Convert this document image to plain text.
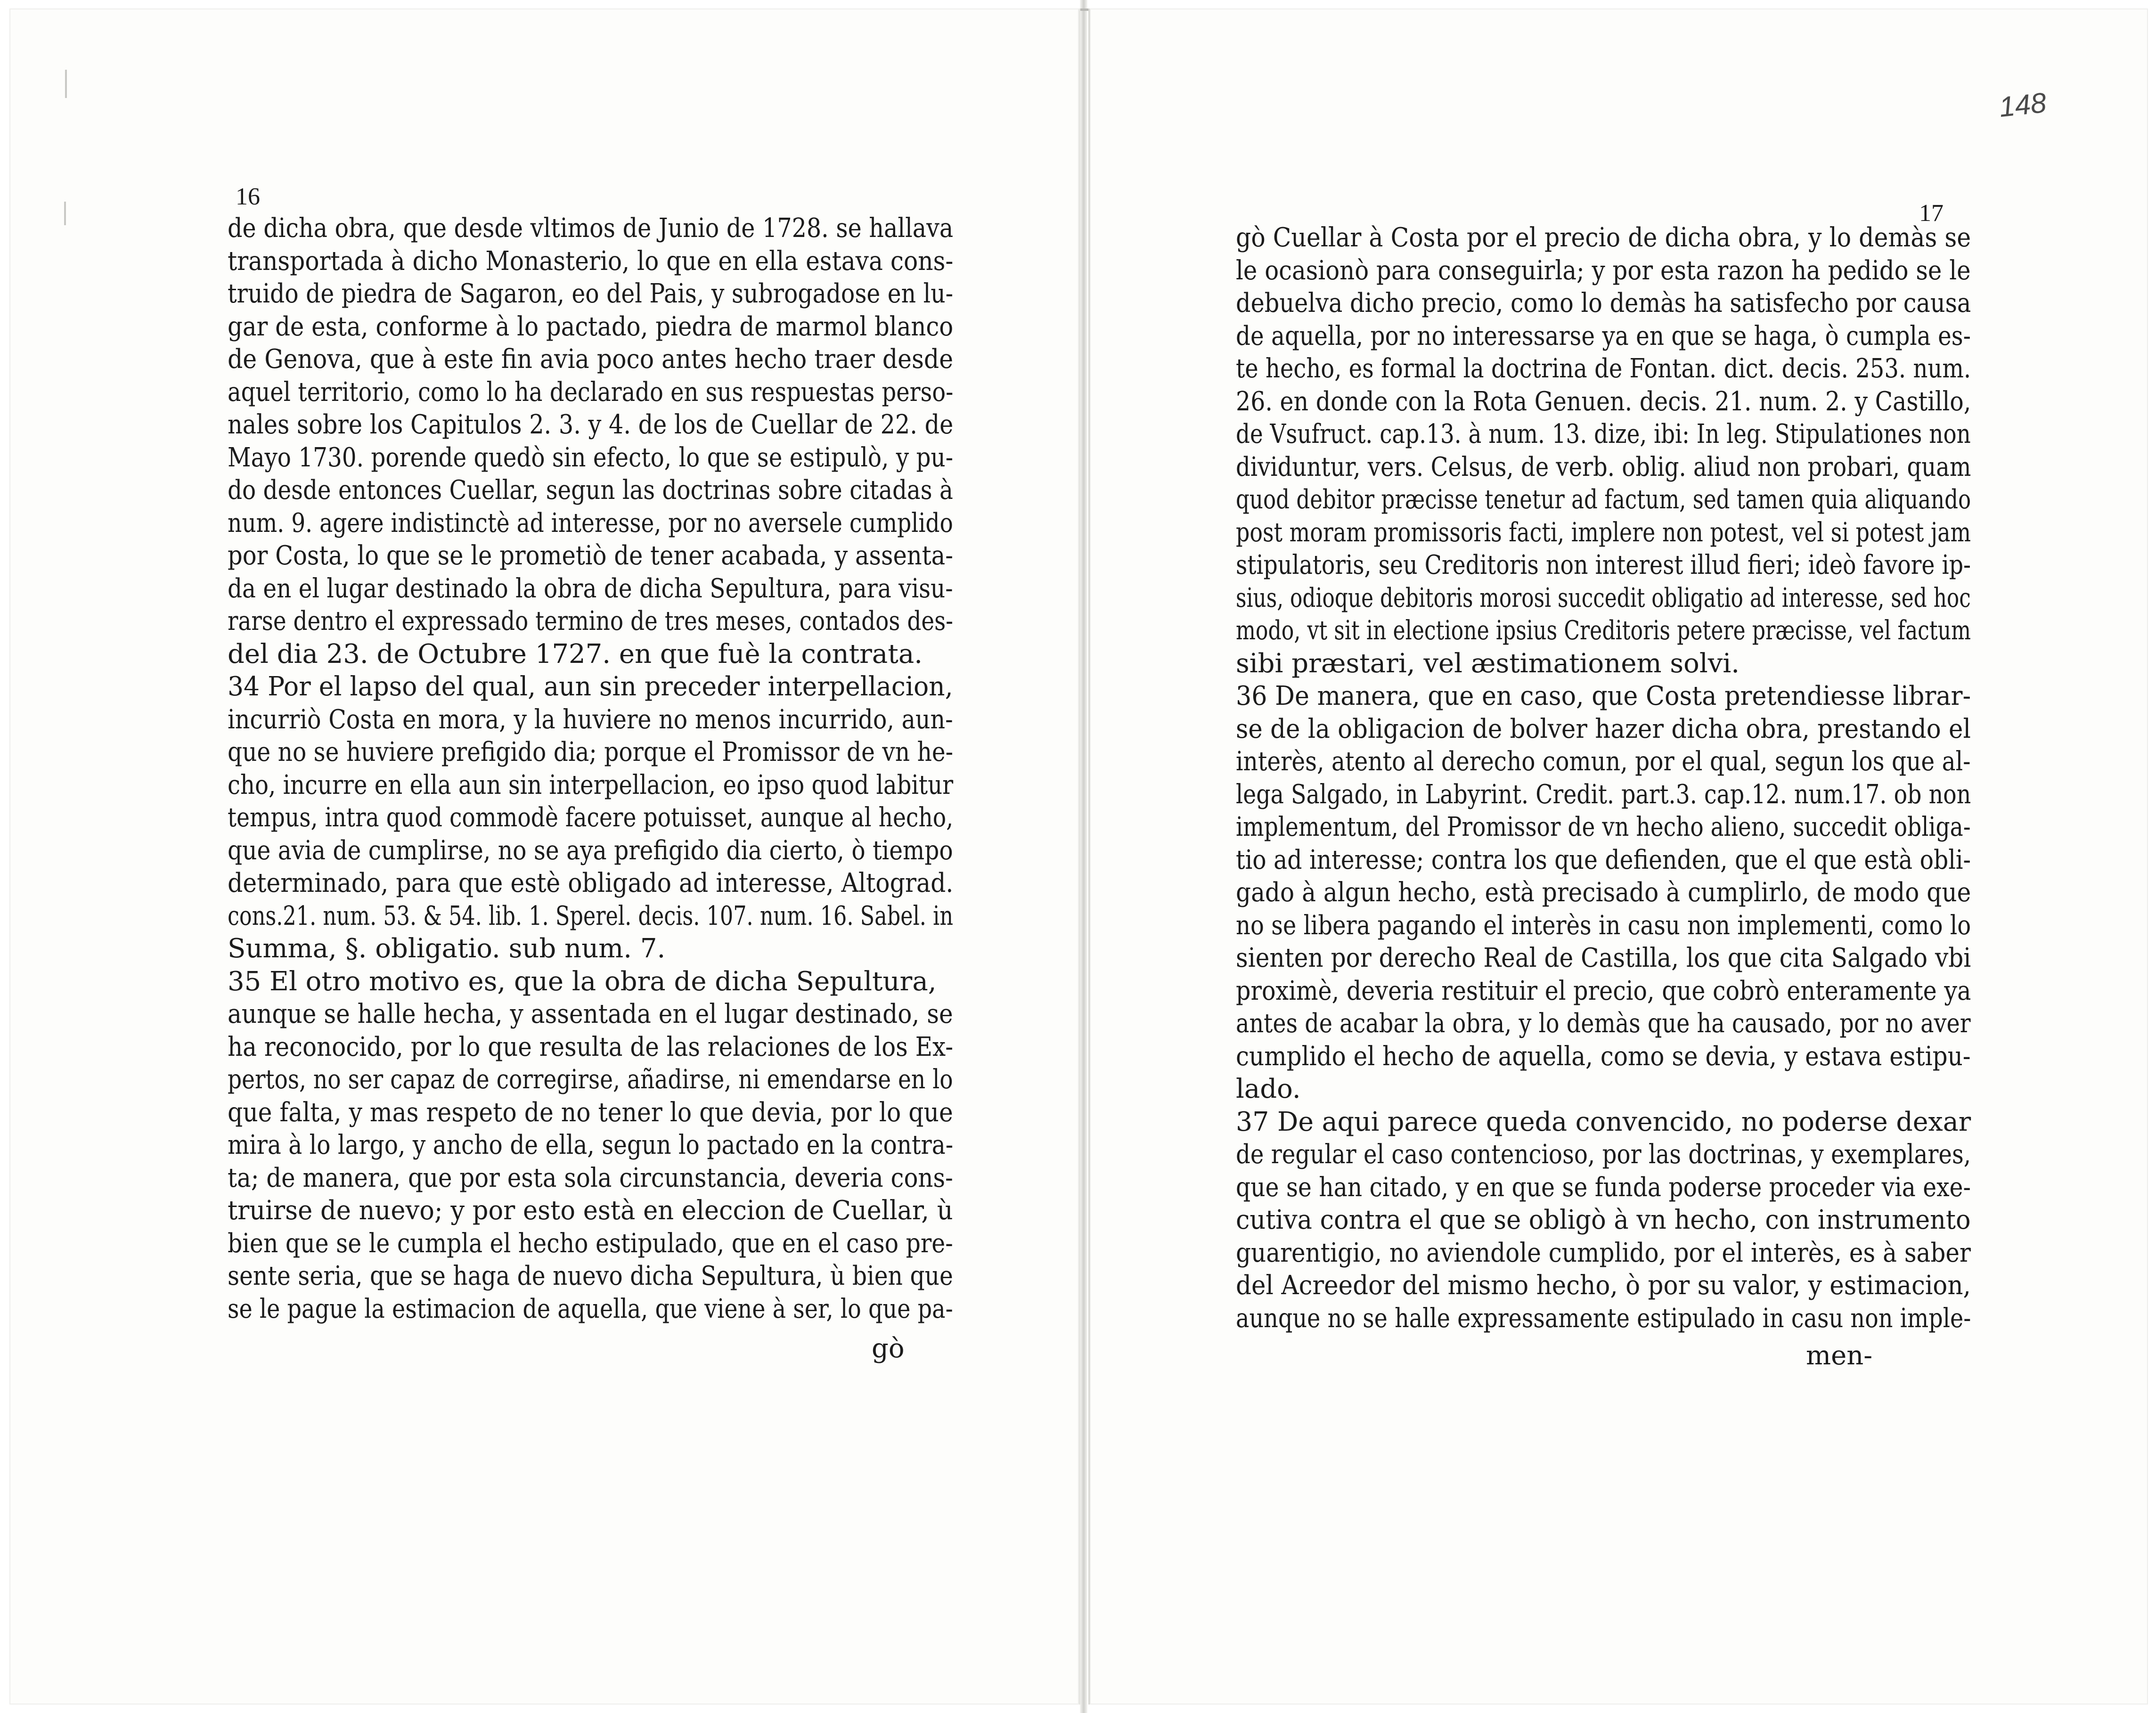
16
de dicha obra, que desde vltimos de Junio de 1728. se hallava
transportada à dicho Monasterio, lo que en ella estava cons-
truido de piedra de Sagaron, eo del Pais, y subrogadose en lu-
gar de esta, conforme à lo pactado, piedra de marmol blanco
de Genova, que à este fin avia poco antes hecho traer desde
aquel territorio, como lo ha declarado en sus respuestas perso-
nales sobre los Capitulos 2. 3. y 4. de los de Cuellar de 22. de
Mayo 1730. porende quedò sin efecto, lo que se estipulò, y pu-
do desde entonces Cuellar, segun las doctrinas sobre citadas à
num. 9. agere indistinctè ad interesse, por no aversele cumplido
por Costa, lo que se le prometiò de tener acabada, y assenta-
da en el lugar destinado la obra de dicha Sepultura, para visu-
rarse dentro el expressado termino de tres meses, contados des-
del dia 23. de Octubre 1727. en que fuè la contrata.
34 Por el lapso del qual, aun sin preceder interpellacion,
incurriò Costa en mora, y la huviere no menos incurrido, aun-
que no se huviere prefigido dia; porque el Promissor de vn he-
cho, incurre en ella aun sin interpellacion, eo ipso quod labitur
tempus, intra quod commodè facere potuisset, aunque al hecho,
que avia de cumplirse, no se aya prefigido dia cierto, ò tiempo
determinado, para que estè obligado ad interesse, Altograd.
cons.21. num. 53. & 54. lib. 1. Sperel. decis. 107. num. 16. Sabel. in
Summa, §. obligatio. sub num. 7.
35 El otro motivo es, que la obra de dicha Sepultura,
aunque se halle hecha, y assentada en el lugar destinado, se
ha reconocido, por lo que resulta de las relaciones de los Ex-
pertos, no ser capaz de corregirse, añadirse, ni emendarse en lo
que falta, y mas respeto de no tener lo que devia, por lo que
mira à lo largo, y ancho de ella, segun lo pactado en la contra-
ta; de manera, que por esta sola circunstancia, deveria cons-
truirse de nuevo; y por esto està en eleccion de Cuellar, ù
bien que se le cumpla el hecho estipulado, que en el caso pre-
sente seria, que se haga de nuevo dicha Sepultura, ù bien que
se le pague la estimacion de aquella, que viene à ser, lo que pa-
gò
148
17
gò Cuellar à Costa por el precio de dicha obra, y lo demàs se
le ocasionò para conseguirla; y por esta razon ha pedido se le
debuelva dicho precio, como lo demàs ha satisfecho por causa
de aquella, por no interessarse ya en que se haga, ò cumpla es-
te hecho, es formal la doctrina de Fontan. dict. decis. 253. num.
26. en donde con la Rota Genuen. decis. 21. num. 2. y Castillo,
de Vsufruct. cap.13. à num. 13. dize, ibi: In leg. Stipulationes non
dividuntur, vers. Celsus, de verb. oblig. aliud non probari, quam
quod debitor præcisse tenetur ad factum, sed tamen quia aliquando
post moram promissoris facti, implere non potest, vel si potest jam
stipulatoris, seu Creditoris non interest illud fieri; ideò favore ip-
sius, odioque debitoris morosi succedit obligatio ad interesse, sed hoc
modo, vt sit in electione ipsius Creditoris petere præcisse, vel factum
sibi præstari, vel æstimationem solvi.
36 De manera, que en caso, que Costa pretendiesse librar-
se de la obligacion de bolver hazer dicha obra, prestando el
interès, atento al derecho comun, por el qual, segun los que al-
lega Salgado, in Labyrint. Credit. part.3. cap.12. num.17. ob non
implementum, del Promissor de vn hecho alieno, succedit obliga-
tio ad interesse; contra los que defienden, que el que està obli-
gado à algun hecho, està precisado à cumplirlo, de modo que
no se libera pagando el interès in casu non implementi, como lo
sienten por derecho Real de Castilla, los que cita Salgado vbi
proximè, deveria restituir el precio, que cobrò enteramente ya
antes de acabar la obra, y lo demàs que ha causado, por no aver
cumplido el hecho de aquella, como se devia, y estava estipu-
lado.
37 De aqui parece queda convencido, no poderse dexar
de regular el caso contencioso, por las doctrinas, y exemplares,
que se han citado, y en que se funda poderse proceder via exe-
cutiva contra el que se obligò à vn hecho, con instrumento
guarentigio, no aviendole cumplido, por el interès, es à saber
del Acreedor del mismo hecho, ò por su valor, y estimacion,
aunque no se halle expressamente estipulado in casu non imple-
men-
